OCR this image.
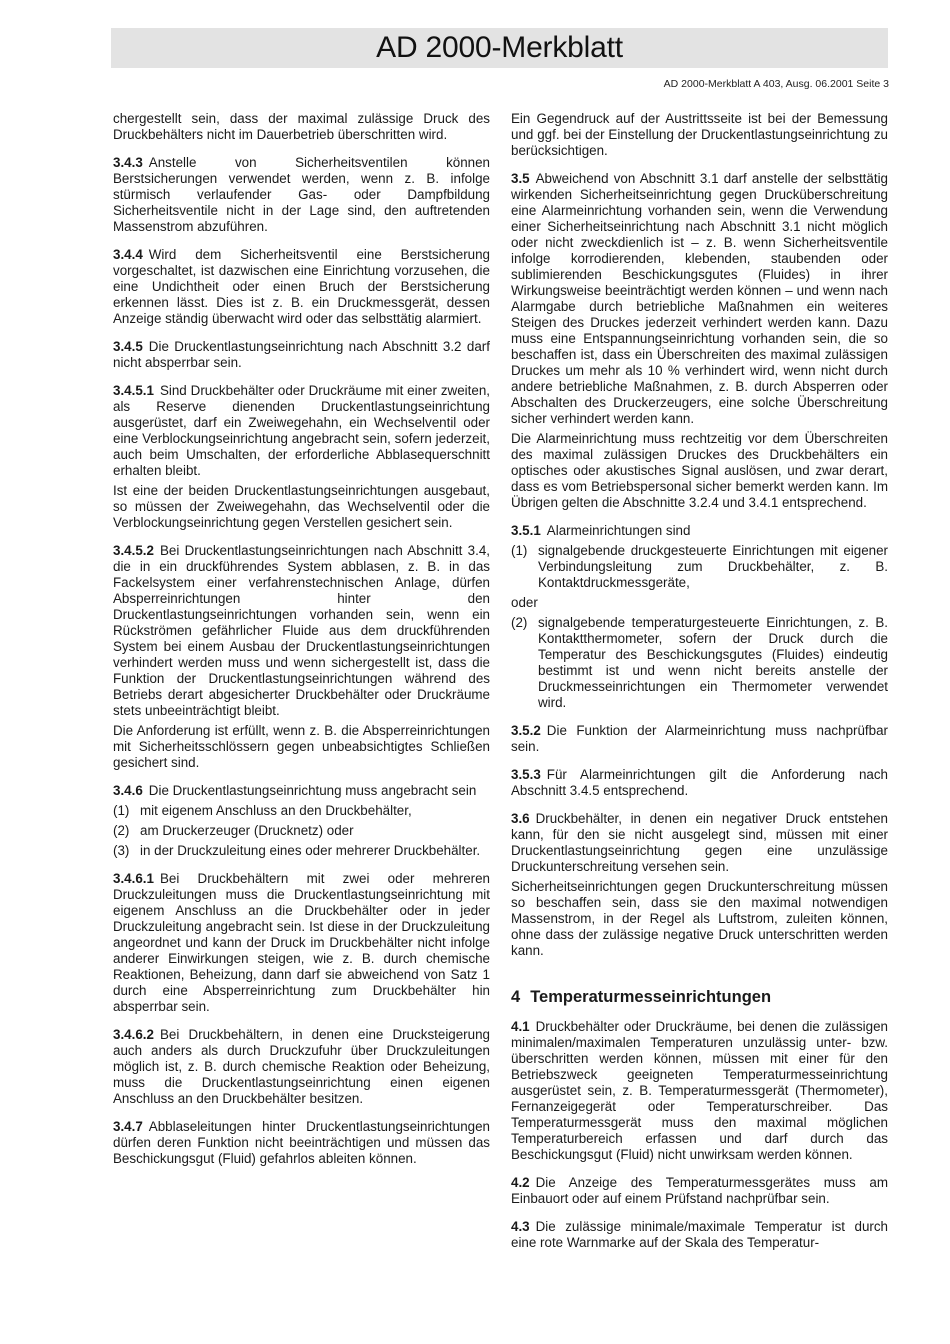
AD 2000-Merkblatt
AD 2000-Merkblatt A 403, Ausg. 06.2001 Seite 3

chergestellt sein, dass der maximal zulässige Druck des Druckbehälters nicht im Dauerbetrieb überschritten wird.

3.4.3 Anstelle von Sicherheitsventilen können Berstsicherungen verwendet werden, wenn z. B. infolge stürmisch verlaufender Gas- oder Dampfbildung Sicherheitsventile nicht in der Lage sind, den auftretenden Massenstrom abzuführen.

3.4.4 Wird dem Sicherheitsventil eine Berstsicherung vorgeschaltet, ist dazwischen eine Einrichtung vorzusehen, die eine Undichtheit oder einen Bruch der Berstsicherung erkennen lässt. Dies ist z. B. ein Druckmessgerät, dessen Anzeige ständig überwacht wird oder das selbsttätig alarmiert.

3.4.5 Die Druckentlastungseinrichtung nach Abschnitt 3.2 darf nicht absperrbar sein.

3.4.5.1 Sind Druckbehälter oder Druckräume mit einer zweiten, als Reserve dienenden Druckentlastungseinrichtung ausgerüstet, darf ein Zweiwegehahn, ein Wechselventil oder eine Verblockungseinrichtung angebracht sein, sofern jederzeit, auch beim Umschalten, der erforderliche Abblasequerschnitt erhalten bleibt.

Ist eine der beiden Druckentlastungseinrichtungen ausgebaut, so müssen der Zweiwegehahn, das Wechselventil oder die Verblockungseinrichtung gegen Verstellen gesichert sein.

3.4.5.2 Bei Druckentlastungseinrichtungen nach Abschnitt 3.4, die in ein druckführendes System abblasen, z. B. in das Fackelsystem einer verfahrenstechnischen Anlage, dürfen Absperreinrichtungen hinter den Druckentlastungseinrichtungen vorhanden sein, wenn ein Rückströmen gefährlicher Fluide aus dem druckführenden System bei einem Ausbau der Druckentlastungseinrichtungen verhindert werden muss und wenn sichergestellt ist, dass die Funktion der Druckentlastungseinrichtungen während des Betriebs derart abgesicherter Druckbehälter oder Druckräume stets unbeeinträchtigt bleibt.

Die Anforderung ist erfüllt, wenn z. B. die Absperreinrichtungen mit Sicherheitsschlössern gegen unbeabsichtigtes Schließen gesichert sind.

3.4.6 Die Druckentlastungseinrichtung muss angebracht sein

(1) mit eigenem Anschluss an den Druckbehälter,
(2) am Druckerzeuger (Drucknetz) oder
(3) in der Druckzuleitung eines oder mehrerer Druckbehälter.

3.4.6.1 Bei Druckbehältern mit zwei oder mehreren Druckzuleitungen muss die Druckentlastungseinrichtung mit eigenem Anschluss an die Druckbehälter oder in jeder Druckzuleitung angebracht sein. Ist diese in der Druckzuleitung angeordnet und kann der Druck im Druckbehälter nicht infolge anderer Einwirkungen steigen, wie z. B. durch chemische Reaktionen, Beheizung, dann darf sie abweichend von Satz 1 durch eine Absperreinrichtung zum Druckbehälter hin absperrbar sein.

3.4.6.2 Bei Druckbehältern, in denen eine Drucksteigerung auch anders als durch Druckzufuhr über Druckzuleitungen möglich ist, z. B. durch chemische Reaktion oder Beheizung, muss die Druckentlastungseinrichtung einen eigenen Anschluss an den Druckbehälter besitzen.

3.4.7 Abblaseleitungen hinter Druckentlastungseinrichtungen dürfen deren Funktion nicht beeinträchtigen und müssen das Beschickungsgut (Fluid) gefahrlos ableiten können.

Ein Gegendruck auf der Austrittsseite ist bei der Bemessung und ggf. bei der Einstellung der Druckentlastungseinrichtung zu berücksichtigen.

3.5 Abweichend von Abschnitt 3.1 darf anstelle der selbsttätig wirkenden Sicherheitseinrichtung gegen Drucküberschreitung eine Alarmeinrichtung vorhanden sein, wenn die Verwendung einer Sicherheitseinrichtung nach Abschnitt 3.1 nicht möglich oder nicht zweckdienlich ist – z. B. wenn Sicherheitsventile infolge korrodierenden, klebenden, staubenden oder sublimierenden Beschickungsgutes (Fluides) in ihrer Wirkungsweise beeinträchtigt werden können – und wenn nach Alarmgabe durch betriebliche Maßnahmen ein weiteres Steigen des Druckes jederzeit verhindert werden kann. Dazu muss eine Entspannungseinrichtung vorhanden sein, die so beschaffen ist, dass ein Überschreiten des maximal zulässigen Druckes um mehr als 10 % verhindert wird, wenn nicht durch andere betriebliche Maßnahmen, z. B. durch Absperren oder Abschalten des Druckerzeugers, eine solche Überschreitung sicher verhindert werden kann.

Die Alarmeinrichtung muss rechtzeitig vor dem Überschreiten des maximal zulässigen Druckes des Druckbehälters ein optisches oder akustisches Signal auslösen, und zwar derart, dass es vom Betriebspersonal sicher bemerkt werden kann. Im Übrigen gelten die Abschnitte 3.2.4 und 3.4.1 entsprechend.

3.5.1 Alarmeinrichtungen sind

(1) signalgebende druckgesteuerte Einrichtungen mit eigener Verbindungsleitung zum Druckbehälter, z. B. Kontaktdruckmessgeräte,
oder
(2) signalgebende temperaturgesteuerte Einrichtungen, z. B. Kontaktthermometer, sofern der Druck durch die Temperatur des Beschickungsgutes (Fluides) eindeutig bestimmt ist und wenn nicht bereits anstelle der Druckmesseinrichtungen ein Thermometer verwendet wird.

3.5.2 Die Funktion der Alarmeinrichtung muss nachprüfbar sein.

3.5.3 Für Alarmeinrichtungen gilt die Anforderung nach Abschnitt 3.4.5 entsprechend.

3.6 Druckbehälter, in denen ein negativer Druck entstehen kann, für den sie nicht ausgelegt sind, müssen mit einer Druckentlastungseinrichtung gegen eine unzulässige Druckunterschreitung versehen sein.

Sicherheitseinrichtungen gegen Druckunterschreitung müssen so beschaffen sein, dass sie den maximal notwendigen Massenstrom, in der Regel als Luftstrom, zuleiten können, ohne dass der zulässige negative Druck unterschritten werden kann.

4 Temperaturmesseinrichtungen

4.1 Druckbehälter oder Druckräume, bei denen die zulässigen minimalen/maximalen Temperaturen unzulässig unter- bzw. überschritten werden können, müssen mit einer für den Betriebszweck geeigneten Temperaturmesseinrichtung ausgerüstet sein, z. B. Temperaturmessgerät (Thermometer), Fernanzeigegerät oder Temperaturschreiber. Das Temperaturmessgerät muss den maximal möglichen Temperaturbereich erfassen und darf durch das Beschickungsgut (Fluid) nicht unwirksam werden können.

4.2 Die Anzeige des Temperaturmessgerätes muss am Einbauort oder auf einem Prüfstand nachprüfbar sein.

4.3 Die zulässige minimale/maximale Temperatur ist durch eine rote Warnmarke auf der Skala des Temperatur-
